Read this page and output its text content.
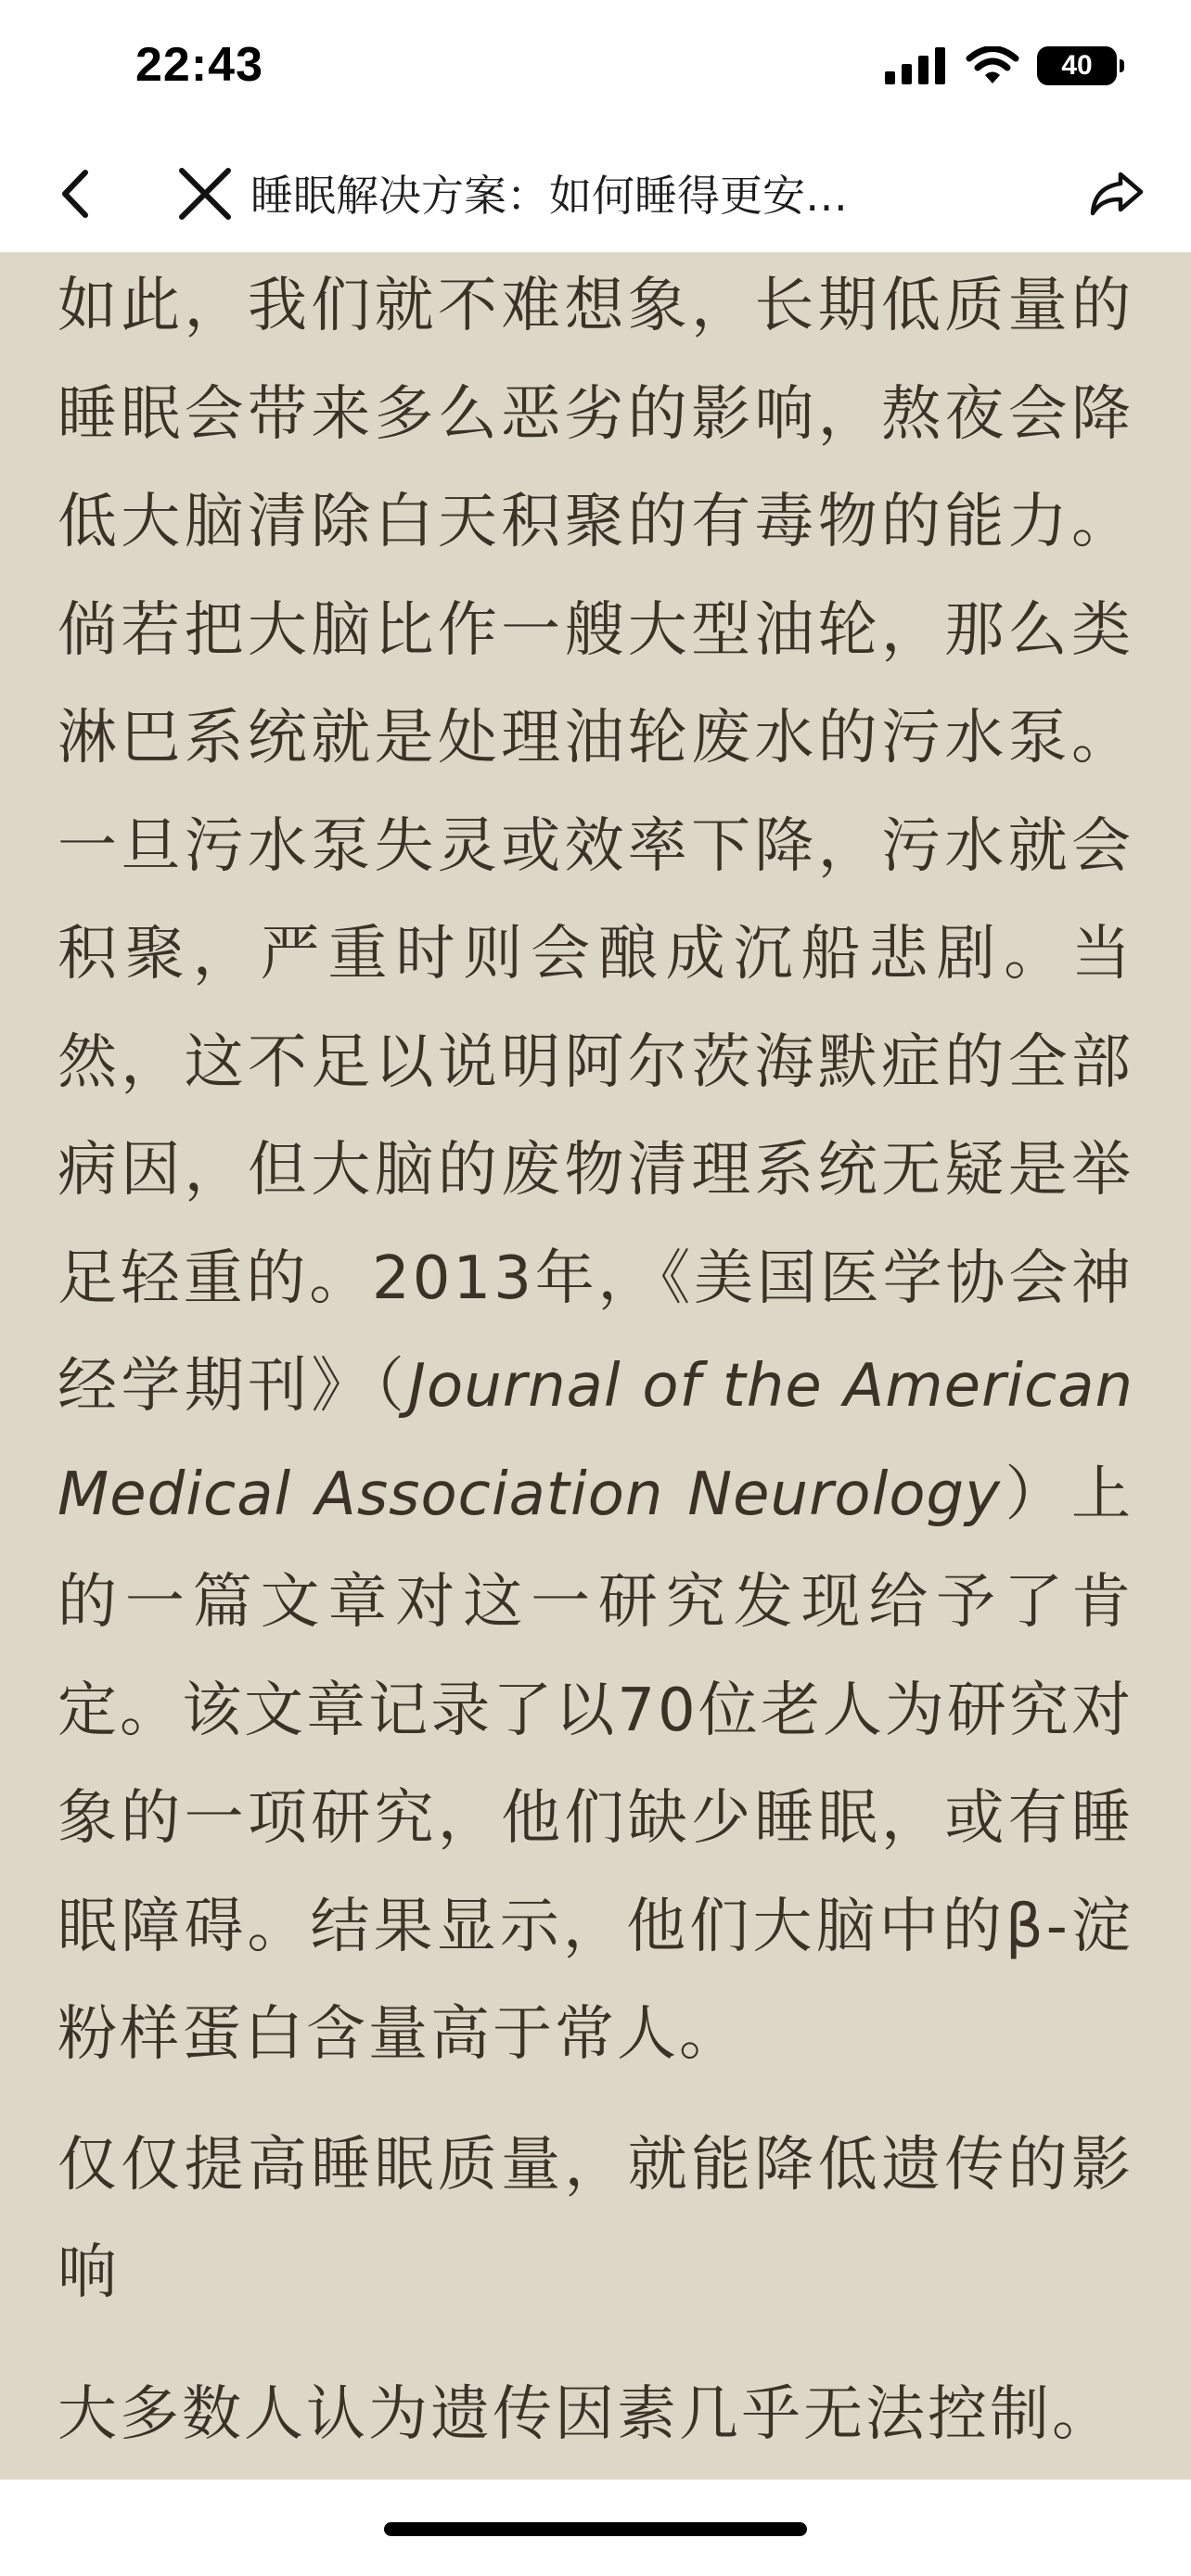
22:43	40
睡眠解决方案：如何睡得更安…

如此，我们就不难想象，长期低质量的睡眠会带来多么恶劣的影响，熬夜会降低大脑清除白天积聚的有毒物的能力。倘若把大脑比作一艘大型油轮，那么类淋巴系统就是处理油轮废水的污水泵。一旦污水泵失灵或效率下降，污水就会积聚，严重时则会酿成沉船悲剧。当然，这不足以说明阿尔茨海默症的全部病因，但大脑的废物清理系统无疑是举足轻重的。2013年，《美国医学协会神经学期刊》（Journal of the American Medical Association Neurology）上的一篇文章对这一研究发现给予了肯定。该文章记录了以70位老人为研究对象的一项研究，他们缺少睡眠，或有睡眠障碍。结果显示，他们大脑中的β-淀粉样蛋白含量高于常人。

仅仅提高睡眠质量，就能降低遗传的影响

大多数人认为遗传因素几乎无法控制。
